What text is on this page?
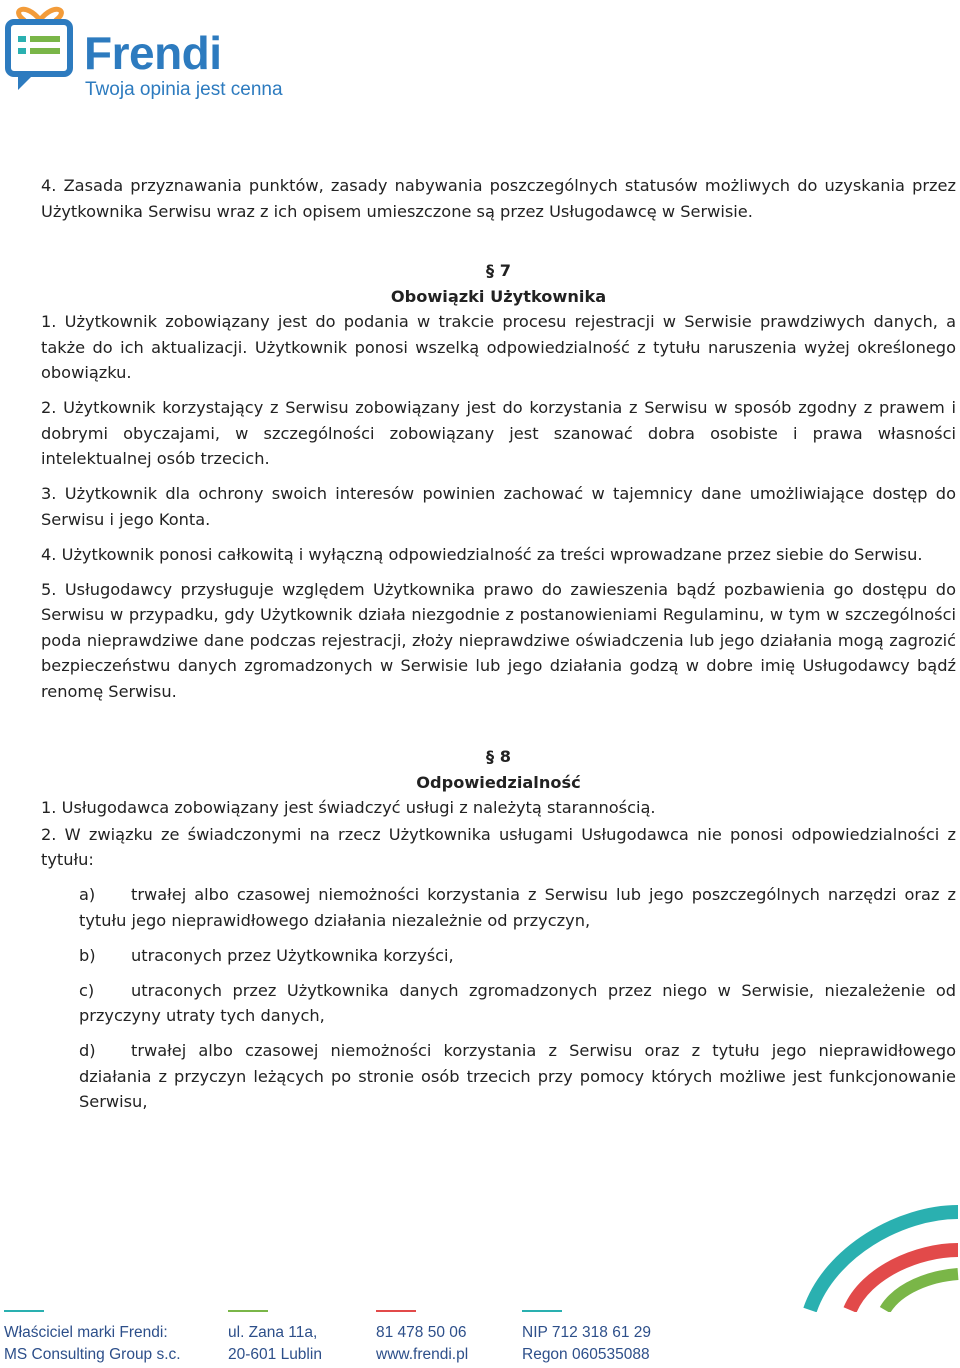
Frendi
Twoja opinia jest cenna

4. Zasada przyznawania punktów, zasady nabywania poszczególnych statusów możliwych do uzyskania przez Użytkownika Serwisu wraz z ich opisem umieszczone są przez Usługodawcę w Serwisie.

§ 7

Obowiązki Użytkownika

1. Użytkownik zobowiązany jest do podania w trakcie procesu rejestracji w Serwisie prawdziwych danych, a także do ich aktualizacji. Użytkownik ponosi wszelką odpowiedzialność z tytułu naruszenia wyżej określonego obowiązku.

2. Użytkownik korzystający z Serwisu zobowiązany jest do korzystania z Serwisu w sposób zgodny z prawem i dobrymi obyczajami, w szczególności zobowiązany jest szanować dobra osobiste i prawa własności intelektualnej osób trzecich.

3. Użytkownik dla ochrony swoich interesów powinien zachować w tajemnicy dane umożliwiające dostęp do Serwisu i jego Konta.

4. Użytkownik ponosi całkowitą i wyłączną odpowiedzialność za treści wprowadzane przez siebie do Serwisu.

5. Usługodawcy przysługuje względem Użytkownika prawo do zawieszenia bądź pozbawienia go dostępu do Serwisu w przypadku, gdy Użytkownik działa niezgodnie z postanowieniami Regulaminu, w tym w szczególności poda nieprawdziwe dane podczas rejestracji, złoży nieprawdziwe oświadczenia lub jego działania mogą zagrozić bezpieczeństwu danych zgromadzonych w Serwisie lub jego działania godzą w dobre imię Usługodawcy bądź renomę Serwisu.

§ 8

Odpowiedzialność

1. Usługodawca zobowiązany jest świadczyć usługi z należytą starannością.

2. W związku ze świadczonymi na rzecz Użytkownika usługami Usługodawca nie ponosi odpowiedzialności z tytułu:

a) trwałej albo czasowej niemożności korzystania z Serwisu lub jego poszczególnych narzędzi oraz z tytułu jego nieprawidłowego działania niezależnie od przyczyn,

b) utraconych przez Użytkownika korzyści,

c) utraconych przez Użytkownika danych zgromadzonych przez niego w Serwisie, niezależenie od przyczyny utraty tych danych,

d) trwałej albo czasowej niemożności korzystania z Serwisu oraz z tytułu jego nieprawidłowego działania z przyczyn leżących po stronie osób trzecich przy pomocy których możliwe jest funkcjonowanie Serwisu,

Właściciel marki Frendi:
MS Consulting Group s.c.
ul. Zana 11a,
20-601 Lublin
81 478 50 06
www.frendi.pl
NIP 712 318 61 29
Regon 060535088
